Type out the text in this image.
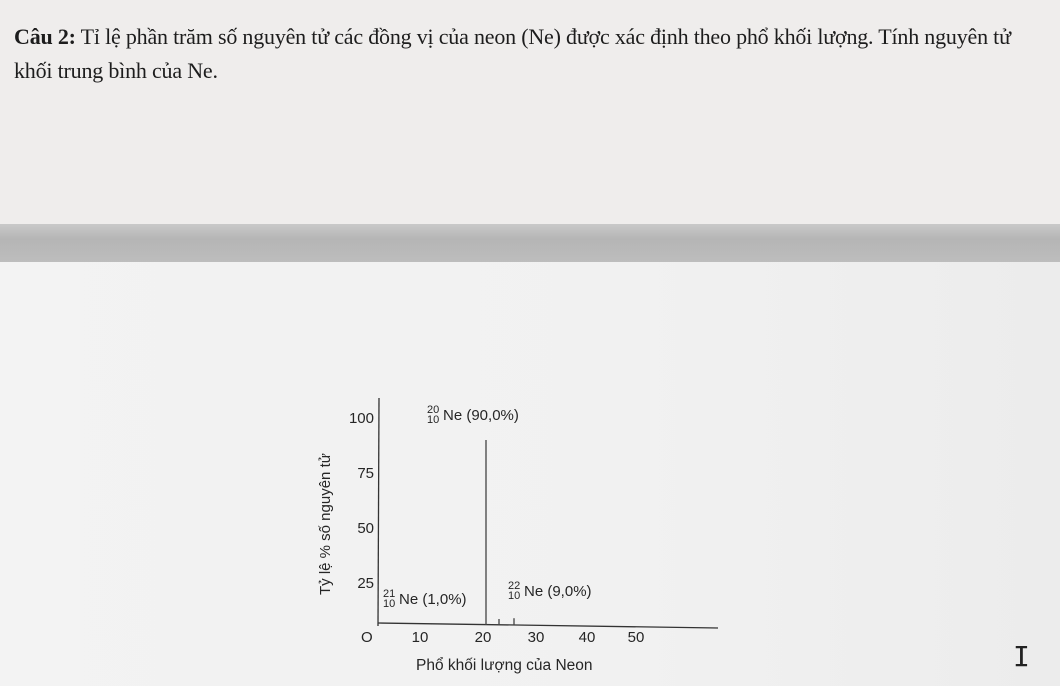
Câu 2: Tỉ lệ phần trăm số nguyên tử các đồng vị của neon (Ne) được xác định theo phổ khối lượng. Tính nguyên tử khối trung bình của Ne.
100
75
50
25
10	20 30 40 50
20
10 Ne (90,0%)
21
10 Ne (1,0%)
22
10 Ne (9,0%)
O
Tỷ lệ % số nguyên tử
Phổ khối lượng của Neon	I
